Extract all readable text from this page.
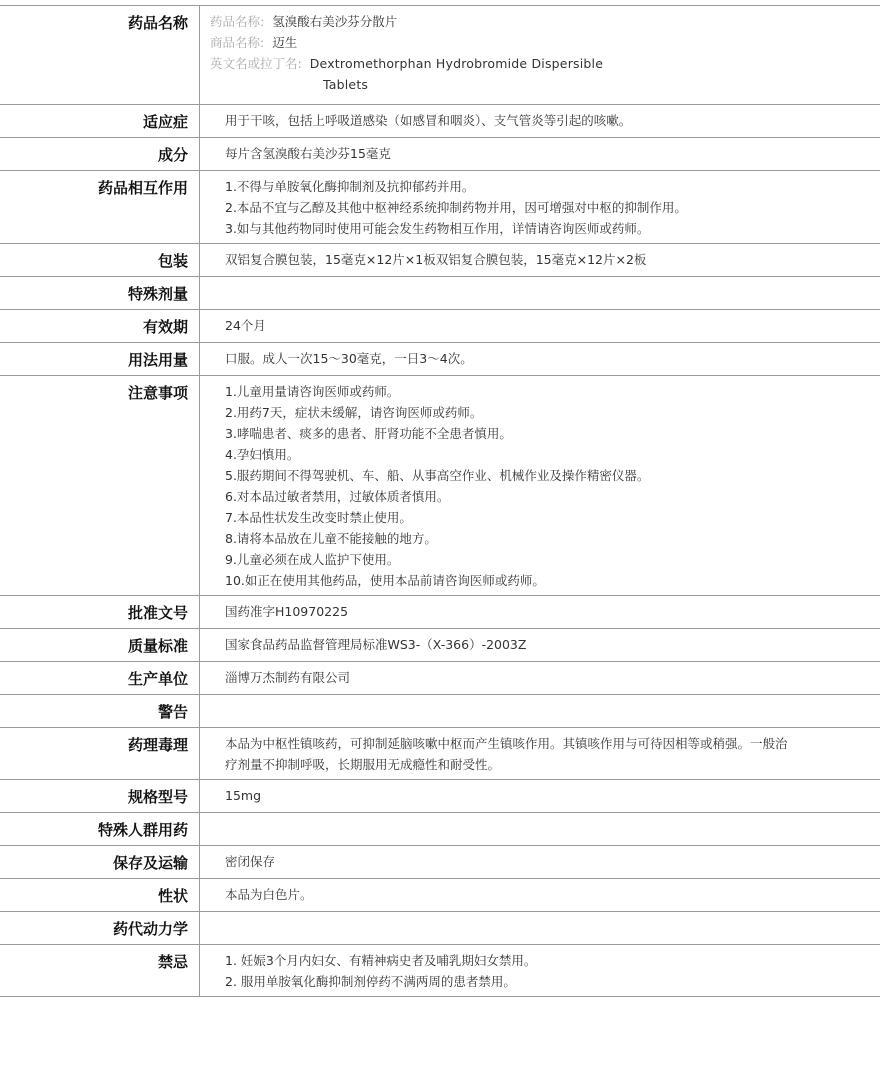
药品名称	药品名称: 氢溴酸右美沙芬分散片
商品名称: 迈生
英文名或拉丁名: Dextromethorphan Hydrobromide Dispersible
Tablets
适应症	用于干咳，包括上呼吸道感染（如感冒和咽炎）、支气管炎等引起的咳嗽。
成分	每片含氢溴酸右美沙芬15毫克
药品相互作用	1.不得与单胺氧化酶抑制剂及抗抑郁药并用。
2.本品不宜与乙醇及其他中枢神经系统抑制药物并用，因可增强对中枢的抑制作用。
3.如与其他药物同时使用可能会发生药物相互作用，详情请咨询医师或药师。
包装	双铝复合膜包装，15毫克×12片×1板双铝复合膜包装，15毫克×12片×2板
特殊剂量
有效期	24个月
用法用量	口服。成人一次15～30毫克，一日3～4次。
注意事项	1.儿童用量请咨询医师或药师。
2.用药7天，症状未缓解，请咨询医师或药师。
3.哮喘患者、痰多的患者、肝肾功能不全患者慎用。
4.孕妇慎用。
5.服药期间不得驾驶机、车、船、从事高空作业、机械作业及操作精密仪器。
6.对本品过敏者禁用，过敏体质者慎用。
7.本品性状发生改变时禁止使用。
8.请将本品放在儿童不能接触的地方。
9.儿童必须在成人监护下使用。
10.如正在使用其他药品，使用本品前请咨询医师或药师。
批准文号	国药准字H10970225
质量标准	国家食品药品监督管理局标准WS3-（X-366）-2003Z
生产单位	淄博万杰制药有限公司
警告
药理毒理	本品为中枢性镇咳药，可抑制延脑咳嗽中枢而产生镇咳作用。其镇咳作用与可待因相等或稍强。一般治疗剂量不抑制呼吸，长期服用无成瘾性和耐受性。
规格型号	15mg
特殊人群用药
保存及运输	密闭保存
性状	本品为白色片。
药代动力学
禁忌	1. 妊娠3个月内妇女、有精神病史者及哺乳期妇女禁用。
2. 服用单胺氧化酶抑制剂停药不满两周的患者禁用。
